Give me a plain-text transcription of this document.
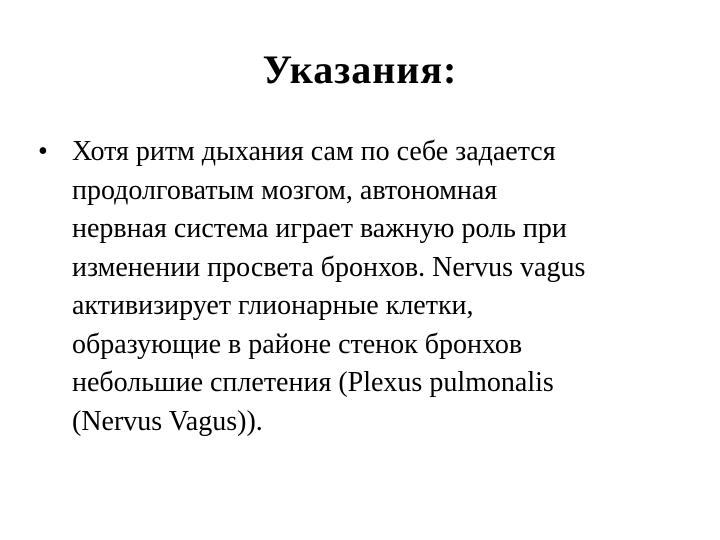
Указания:
• Хотя ритм дыхания сам по себе задается
продолговатым мозгом, автономная
нервная система играет важную роль при
изменении просвета бронхов. Nervus vagus
активизирует глионарные клетки,
образующие в районе стенок бронхов
небольшие сплетения (Plexus pulmonalis
(Nervus Vagus)).
